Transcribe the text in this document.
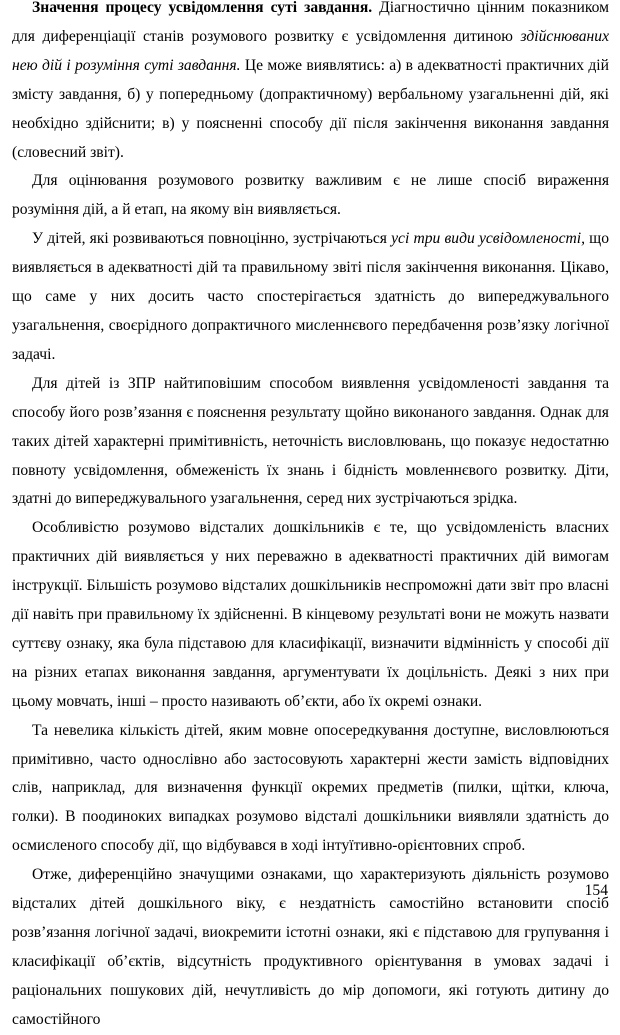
Значення процесу усвідомлення суті завдання. Діагностично цінним показником для диференціації станів розумового розвитку є усвідомлення дитиною здійснюваних нею дій і розуміння суті завдання. Це може виявлятись: а) в адекватності практичних дій змісту завдання, б) у попередньому (допрактичному) вербальному узагальненні дій, які необхідно здійснити; в) у поясненні способу дії після закінчення виконання завдання (словесний звіт).

Для оцінювання розумового розвитку важливим є не лише спосіб вираження розуміння дій, а й етап, на якому він виявляється.

У дітей, які розвиваються повноцінно, зустрічаються усі три види усвідомленості, що виявляється в адекватності дій та правильному звіті після закінчення виконання. Цікаво, що саме у них досить часто спостерігається здатність до випереджувального узагальнення, своєрідного допрактичного мисленнєвого передбачення розв’язку логічної задачі.

Для дітей із ЗПР найтиповішим способом виявлення усвідомленості завдання та способу його розв’язання є пояснення результату щойно виконаного завдання. Однак для таких дітей характерні примітивність, неточність висловлювань, що показує недостатню повноту усвідомлення, обмеженість їх знань і бідність мовленнєвого розвитку. Діти, здатні до випереджувального узагальнення, серед них зустрічаються зрідка.

Особливістю розумово відсталих дошкільників є те, що усвідомленість власних практичних дій виявляється у них переважно в адекватності практичних дій вимогам інструкції. Більшість розумово відсталих дошкільників неспроможні дати звіт про власні дії навіть при правильному їх здійсненні. В кінцевому результаті вони не можуть назвати суттєву ознаку, яка була підставою для класифікації, визначити відмінність у способі дії на різних етапах виконання завдання, аргументувати їх доцільність. Деякі з них при цьому мовчать, інші – просто називають об’єкти, або їх окремі ознаки.

Та невелика кількість дітей, яким мовне опосередкування доступне, висловлюються примітивно, часто однослівно або застосовують характерні жести замість відповідних слів, наприклад, для визначення функції окремих предметів (пилки, щітки, ключа, голки). В поодиноких випадках розумово відсталі дошкільники виявляли здатність до осмисленого способу дії, що відбувався в ході інтуїтивно-орієнтовних спроб.

Отже, диференційно значущими ознаками, що характеризують діяльність розумово відсталих дітей дошкільного віку, є нездатність самостійно встановити спосіб розв’язання логічної задачі, виокремити істотні ознаки, які є підставою для групування і класифікації об’єктів, відсутність продуктивного орієнтування в умовах задачі і раціональних пошукових дій, нечутливість до мір допомоги, які готують дитину до самостійного

154
